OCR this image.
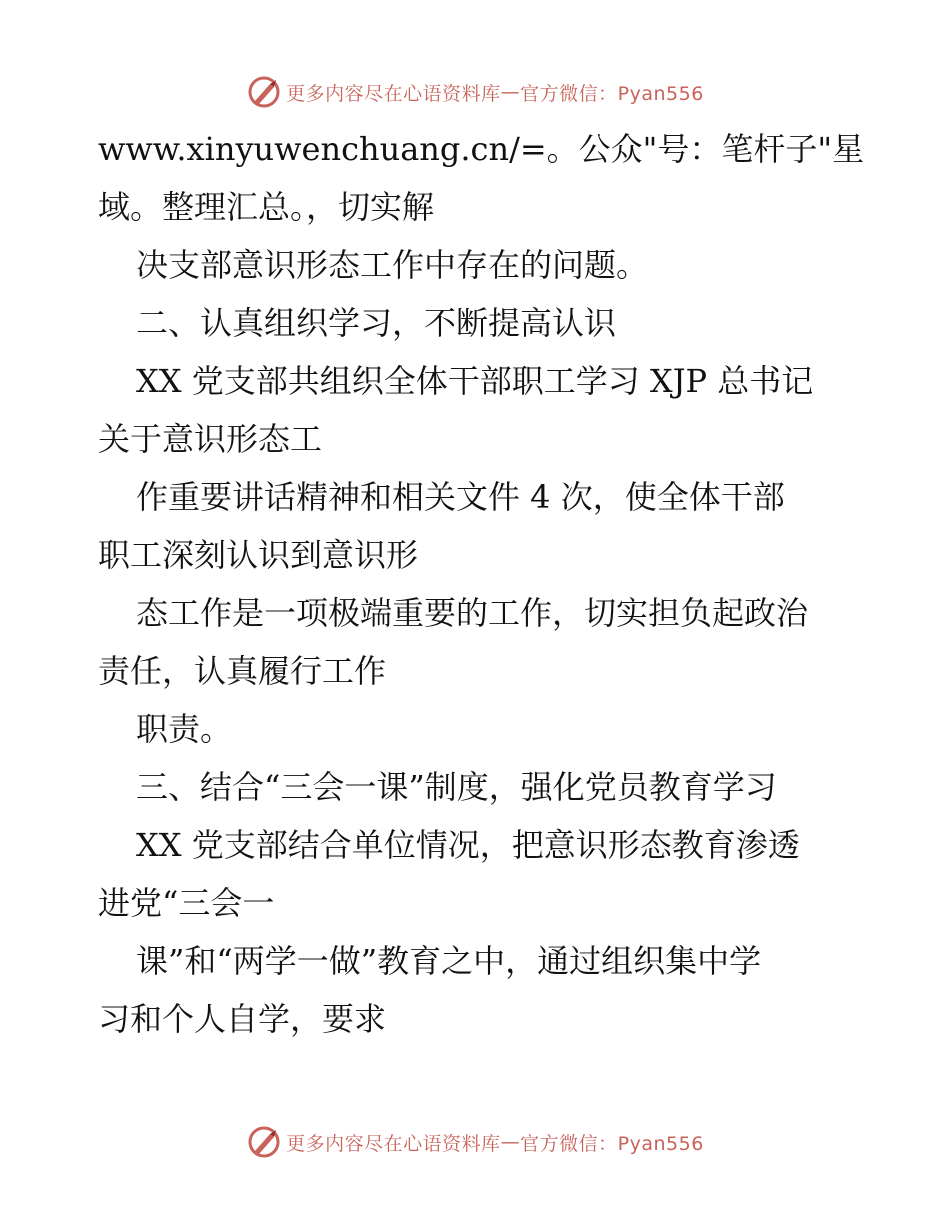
更多内容尽在心语资料库 — 官方微信：Pyan556
www.xinyuwenchuang.cn/=。公众"号：笔杆子"星
域。整理汇总。，切实解
决支部意识形态工作中存在的问题。
二、认真组织学习，不断提高认识
XX 党支部共组织全体干部职工学习 XJP 总书记
关于意识形态工
作重要讲话精神和相关文件 4 次，使全体干部
职工深刻认识到意识形
态工作是一项极端重要的工作，切实担负起政治
责任，认真履行工作
职责。
三、结合“三会一课”制度，强化党员教育学习
XX 党支部结合单位情况，把意识形态教育渗透
进党“三会一
课”和“两学一做”教育之中，通过组织集中学
习和个人自学，要求
更多内容尽在心语资料库 — 官方微信：Pyan556
